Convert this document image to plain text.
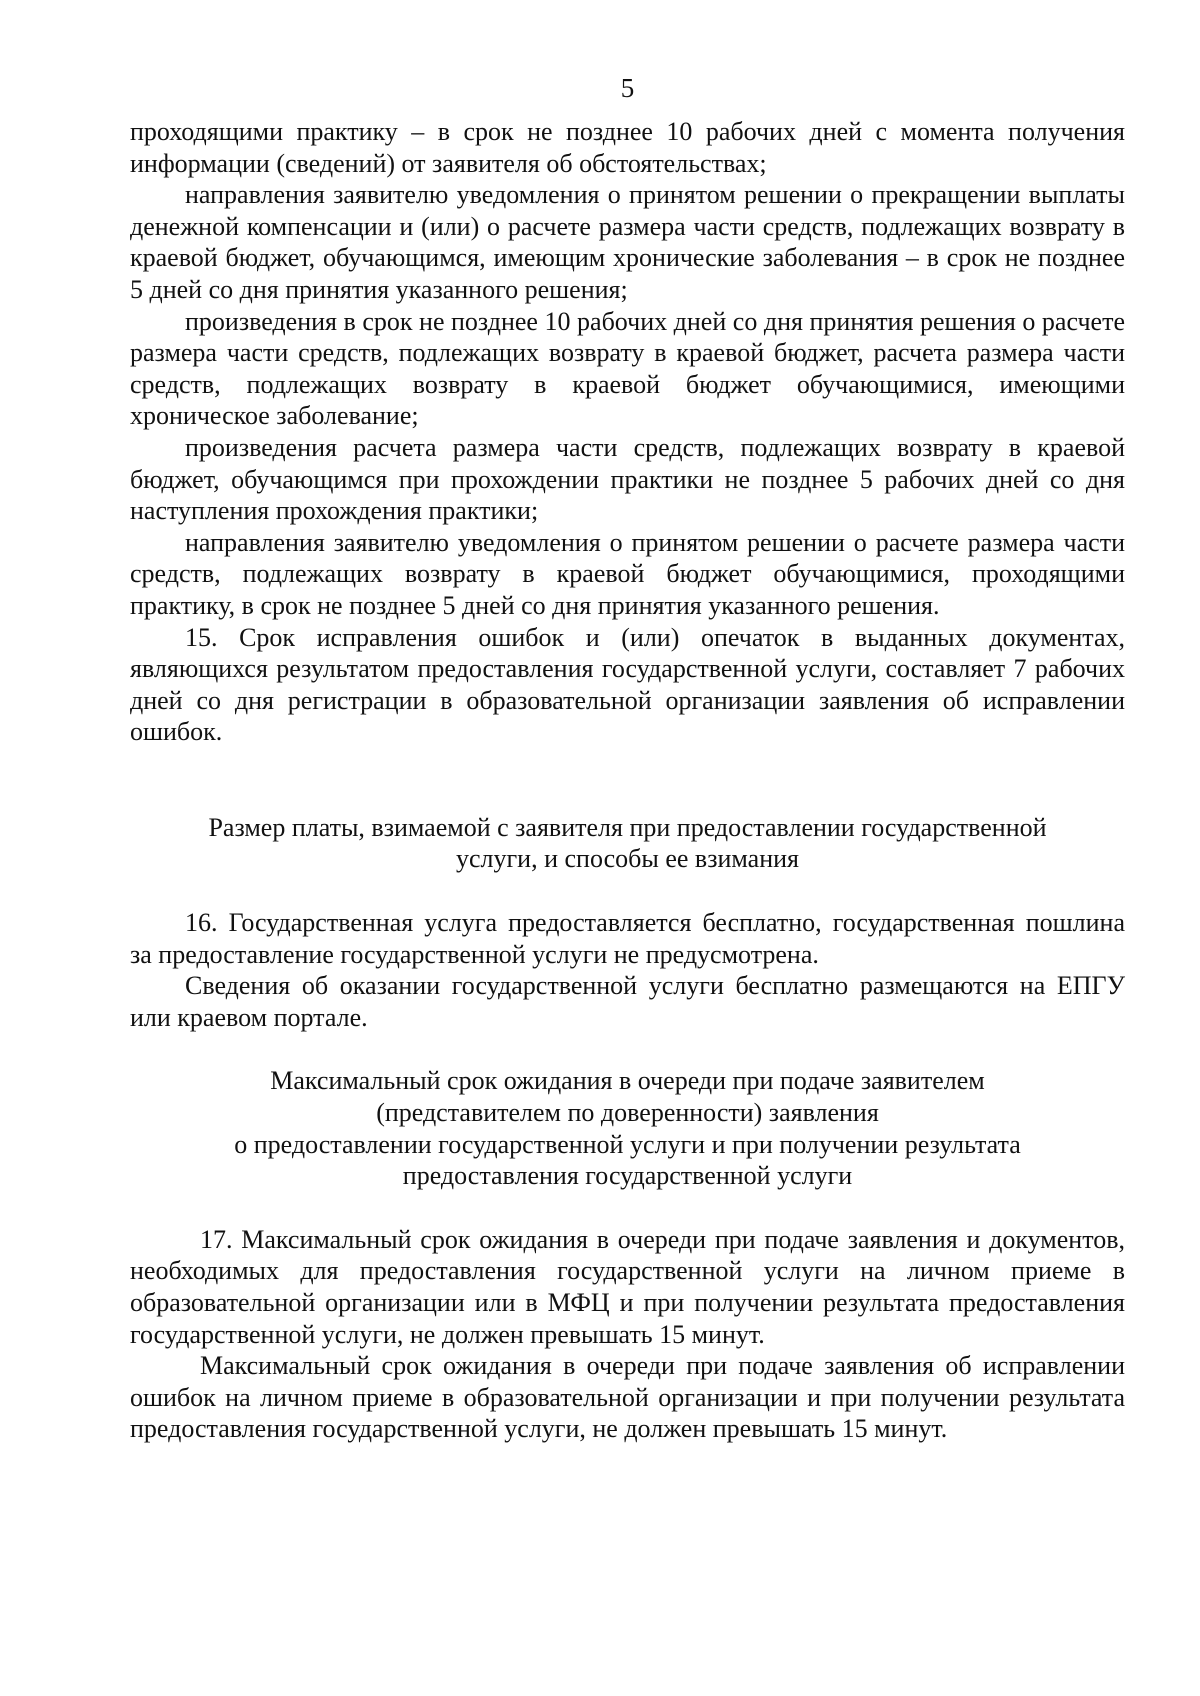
5

проходящими практику – в срок не позднее 10 рабочих дней с момента получения информации (сведений) от заявителя об обстоятельствах;

направления заявителю уведомления о принятом решении о прекращении выплаты денежной компенсации и (или) о расчете размера части средств, подлежащих возврату в краевой бюджет, обучающимся, имеющим хронические заболевания – в срок не позднее 5 дней со дня принятия указанного решения;

произведения в срок не позднее 10 рабочих дней со дня принятия решения о расчете размера части средств, подлежащих возврату в краевой бюджет, расчета размера части средств, подлежащих возврату в краевой бюджет обучающимися, имеющими хроническое заболевание;

произведения расчета размера части средств, подлежащих возврату в краевой бюджет, обучающимся при прохождении практики не позднее 5 рабочих дней со дня наступления прохождения практики;

направления заявителю уведомления о принятом решении о расчете размера части средств, подлежащих возврату в краевой бюджет обучающимися, проходящими практику, в срок не позднее 5 дней со дня принятия указанного решения.

15. Срок исправления ошибок и (или) опечаток в выданных документах, являющихся результатом предоставления государственной услуги, составляет 7 рабочих дней со дня регистрации в образовательной организации заявления об исправлении ошибок.

Размер платы, взимаемой с заявителя при предоставлении государственной
услуги, и способы ее взимания

16. Государственная услуга предоставляется бесплатно, государственная пошлина за предоставление государственной услуги не предусмотрена.

Сведения об оказании государственной услуги бесплатно размещаются на ЕПГУ или краевом портале.

Максимальный срок ожидания в очереди при подаче заявителем
(представителем по доверенности) заявления
о предоставлении государственной услуги и при получении результата
предоставления государственной услуги

17. Максимальный срок ожидания в очереди при подаче заявления и документов, необходимых для предоставления государственной услуги на личном приеме в образовательной организации или в МФЦ и при получении результата предоставления государственной услуги, не должен превышать 15 минут.

Максимальный срок ожидания в очереди при подаче заявления об исправлении ошибок на личном приеме в образовательной организации и при получении результата предоставления государственной услуги, не должен превышать 15 минут.
